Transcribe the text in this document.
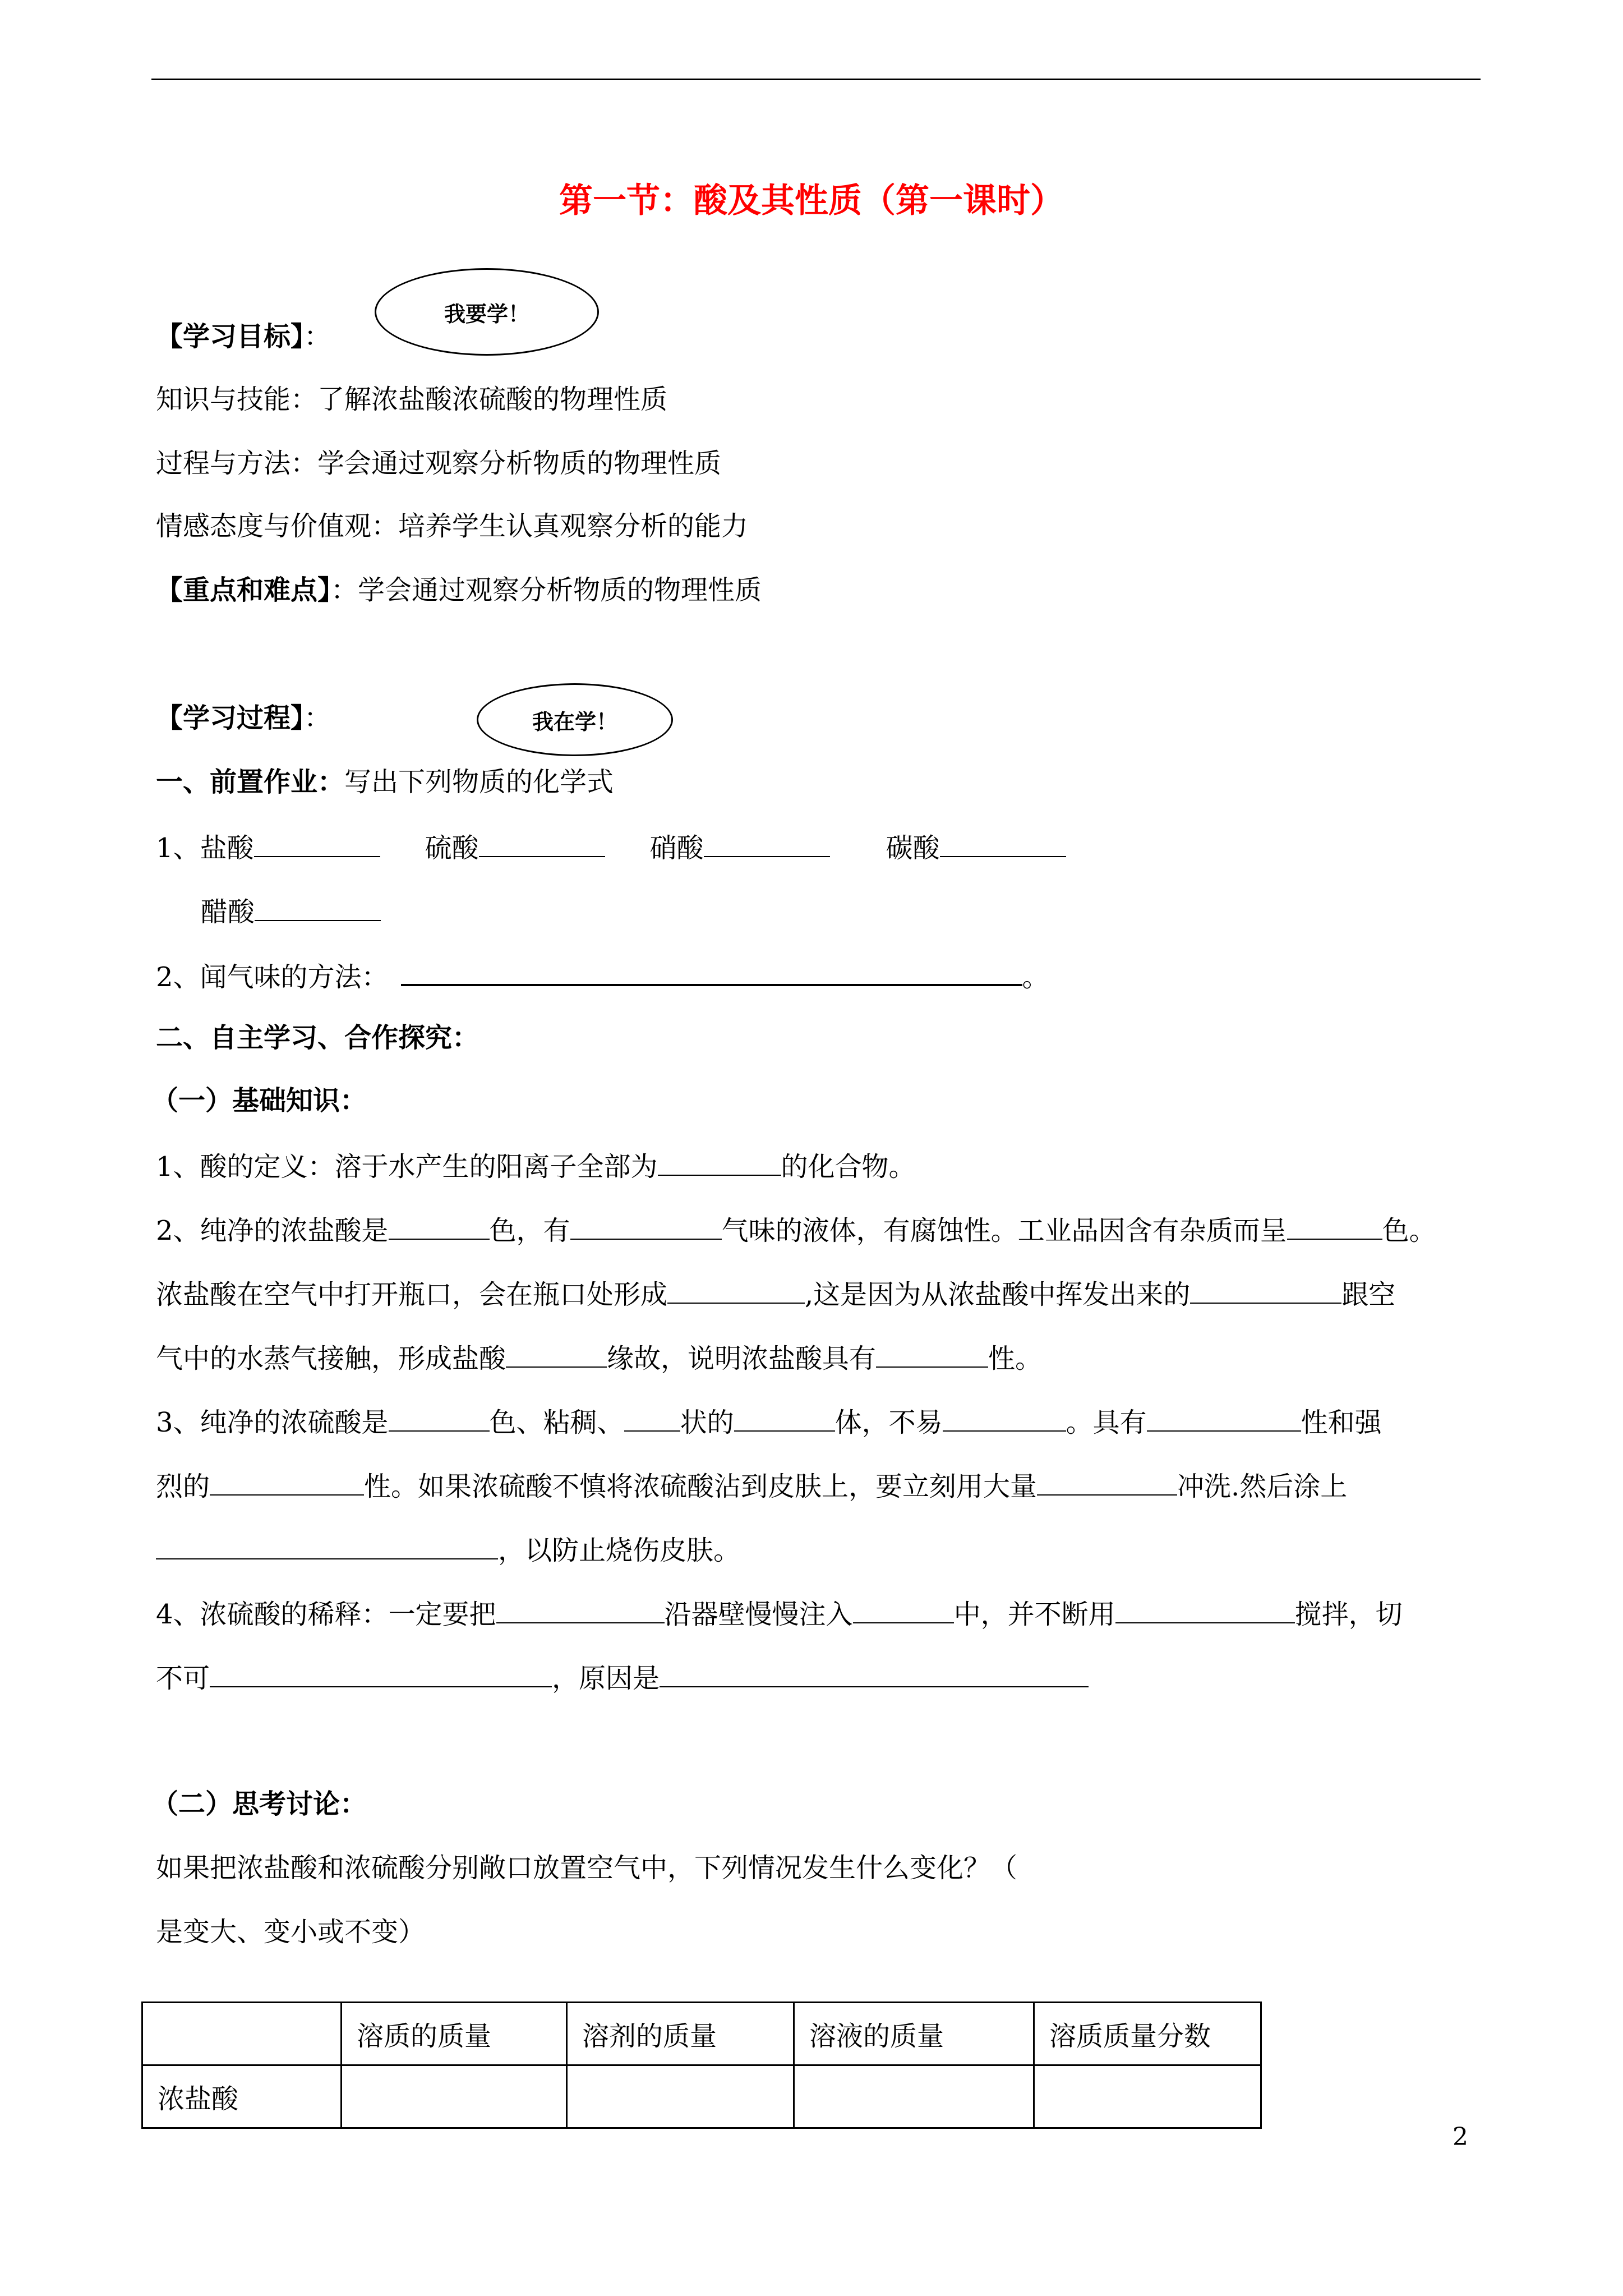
第一节：酸及其性质（第一课时）
我要学！
【学习目标】：
知识与技能：了解浓盐酸浓硫酸的物理性质
过程与方法：学会通过观察分析物质的物理性质
情感态度与价值观：培养学生认真观察分析的能力
【重点和难点】：学会通过观察分析物质的物理性质
我在学！
【学习过程】：
一、前置作业：写出下列物质的化学式
1、盐酸	硫酸	硝酸	碳酸
醋酸
2、闻气味的方法：	。
二、自主学习、合作探究：
（一）基础知识：
1、酸的定义：溶于水产生的阳离子全部为	的化合物。
2、纯净的浓盐酸是	色，有	气味的液体，有腐蚀性。工业品因含有杂质而呈	色。
浓盐酸在空气中打开瓶口，会在瓶口处形成	,这是因为从浓盐酸中挥发出来的	跟空
气中的水蒸气接触，形成盐酸	缘故，说明浓盐酸具有	性。
3、纯净的浓硫酸是	色、粘稠、 状的	体，不易	。具有	性和强
烈的	性。如果浓硫酸不慎将浓硫酸沾到皮肤上，要立刻用大量	冲洗.然后涂上
，以防止烧伤皮肤。
4、浓硫酸的稀释：一定要把	沿器壁慢慢注入	中，并不断用	搅拌，切
不可	，原因是
（二）思考讨论：
如果把浓盐酸和浓硫酸分别敞口放置空气中，下列情况发生什么变化？（
是变大、变小或不变）
	溶质的质量	溶剂的质量	溶液的质量	溶质质量分数
浓盐酸				
2
